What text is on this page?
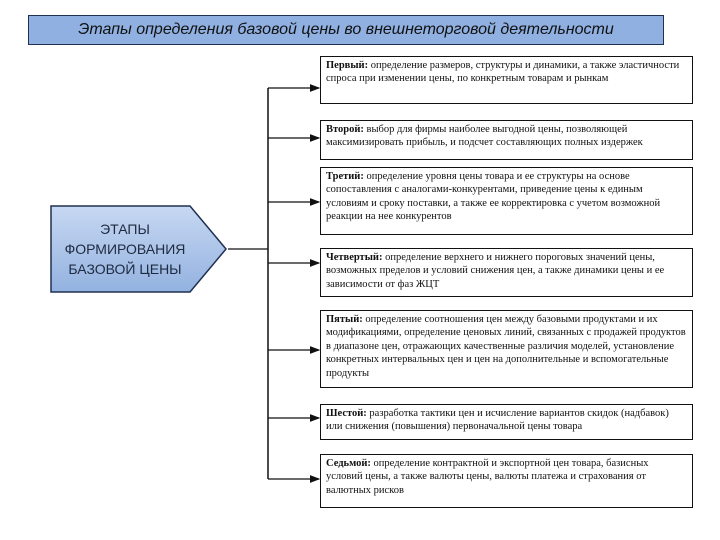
Этапы определения базовой цены во внешнеторговой деятельности
ЭТАПЫ ФОРМИРОВАНИЯ БАЗОВОЙ ЦЕНЫ
Первый: определение размеров, структуры и динамики, а также эластичности спроса при изменении цены, по конкретным товарам и рынкам
Второй: выбор для фирмы наиболее выгодной цены, позволяющей максимизировать прибыль, и подсчет составляющих полных издержек
Третий: определение уровня цены товара и ее структуры на основе сопоставления с аналогами-конкурентами, приведение цены к единым условиям и сроку поставки, а также ее корректировка с учетом возможной реакции на нее конкурентов
Четвертый: определение верхнего и нижнего пороговых значений цены, возможных пределов и условий снижения цен, а также динамики цены и ее зависимости от фаз ЖЦТ
Пятый: определение соотношения цен между базовыми продуктами и их модификациями, определение ценовых линий, связанных с продажей продуктов в диапазоне цен, отражающих качественные различия моделей, установление конкретных интервальных цен и цен на дополнительные и вспомогательные продукты
Шестой: разработка тактики цен и исчисление вариантов скидок (надбавок) или снижения (повышения) первоначальной цены товара
Седьмой: определение контрактной и экспортной цен товара, базисных условий цены, а также валюты цены, валюты платежа и страхования от валютных рисков
